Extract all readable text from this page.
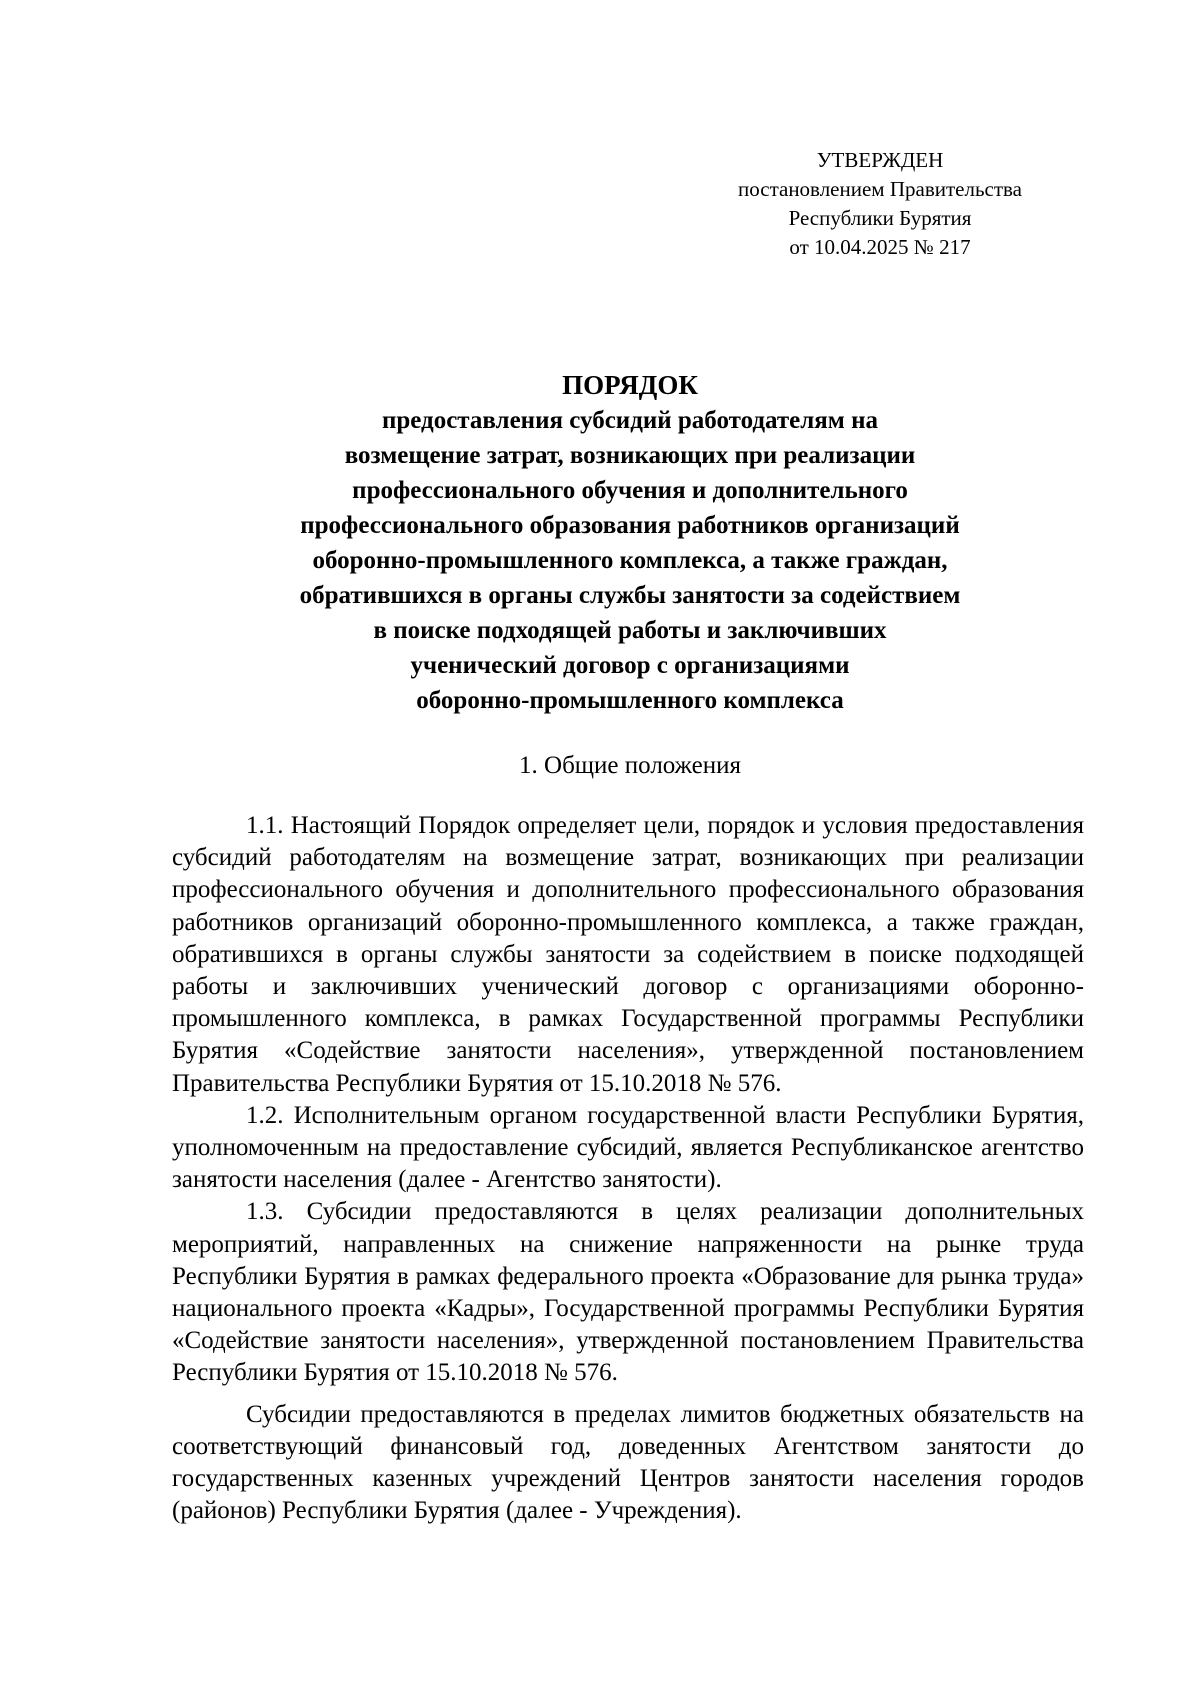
УТВЕРЖДЕН
постановлением Правительства
Республики Бурятия
от 10.04.2025 № 217
ПОРЯДОК
предоставления субсидий работодателям на
возмещение затрат, возникающих при реализации
профессионального обучения и дополнительного
профессионального образования работников организаций
оборонно-промышленного комплекса, а также граждан,
обратившихся в органы службы занятости за содействием
в поиске подходящей работы и заключивших
ученический договор с организациями
оборонно-промышленного комплекса
1. Общие положения

1.1. Настоящий Порядок определяет цели, порядок и условия предоставления субсидий работодателям на возмещение затрат, возникающих при реализации профессионального обучения и дополнительного профессионального образования работников организаций оборонно-промышленного комплекса, а также граждан, обратившихся в органы службы занятости за содействием в поиске подходящей работы и заключивших ученический договор с организациями оборонно-промышленного комплекса, в рамках Государственной программы Республики Бурятия «Содействие занятости населения», утвержденной постановлением Правительства Республики Бурятия от 15.10.2018 № 576.

1.2. Исполнительным органом государственной власти Республики Бурятия, уполномоченным на предоставление субсидий, является Республиканское агентство занятости населения (далее - Агентство занятости).

1.3. Субсидии предоставляются в целях реализации дополнительных мероприятий, направленных на снижение напряженности на рынке труда Республики Бурятия в рамках федерального проекта «Образование для рынка труда» национального проекта «Кадры», Государственной программы Республики Бурятия «Содействие занятости населения», утвержденной постановлением Правительства Республики Бурятия от 15.10.2018 № 576.

Субсидии предоставляются в пределах лимитов бюджетных обязательств на соответствующий финансовый год, доведенных Агентством занятости до государственных казенных учреждений Центров занятости населения городов (районов) Республики Бурятия (далее - Учреждения).
